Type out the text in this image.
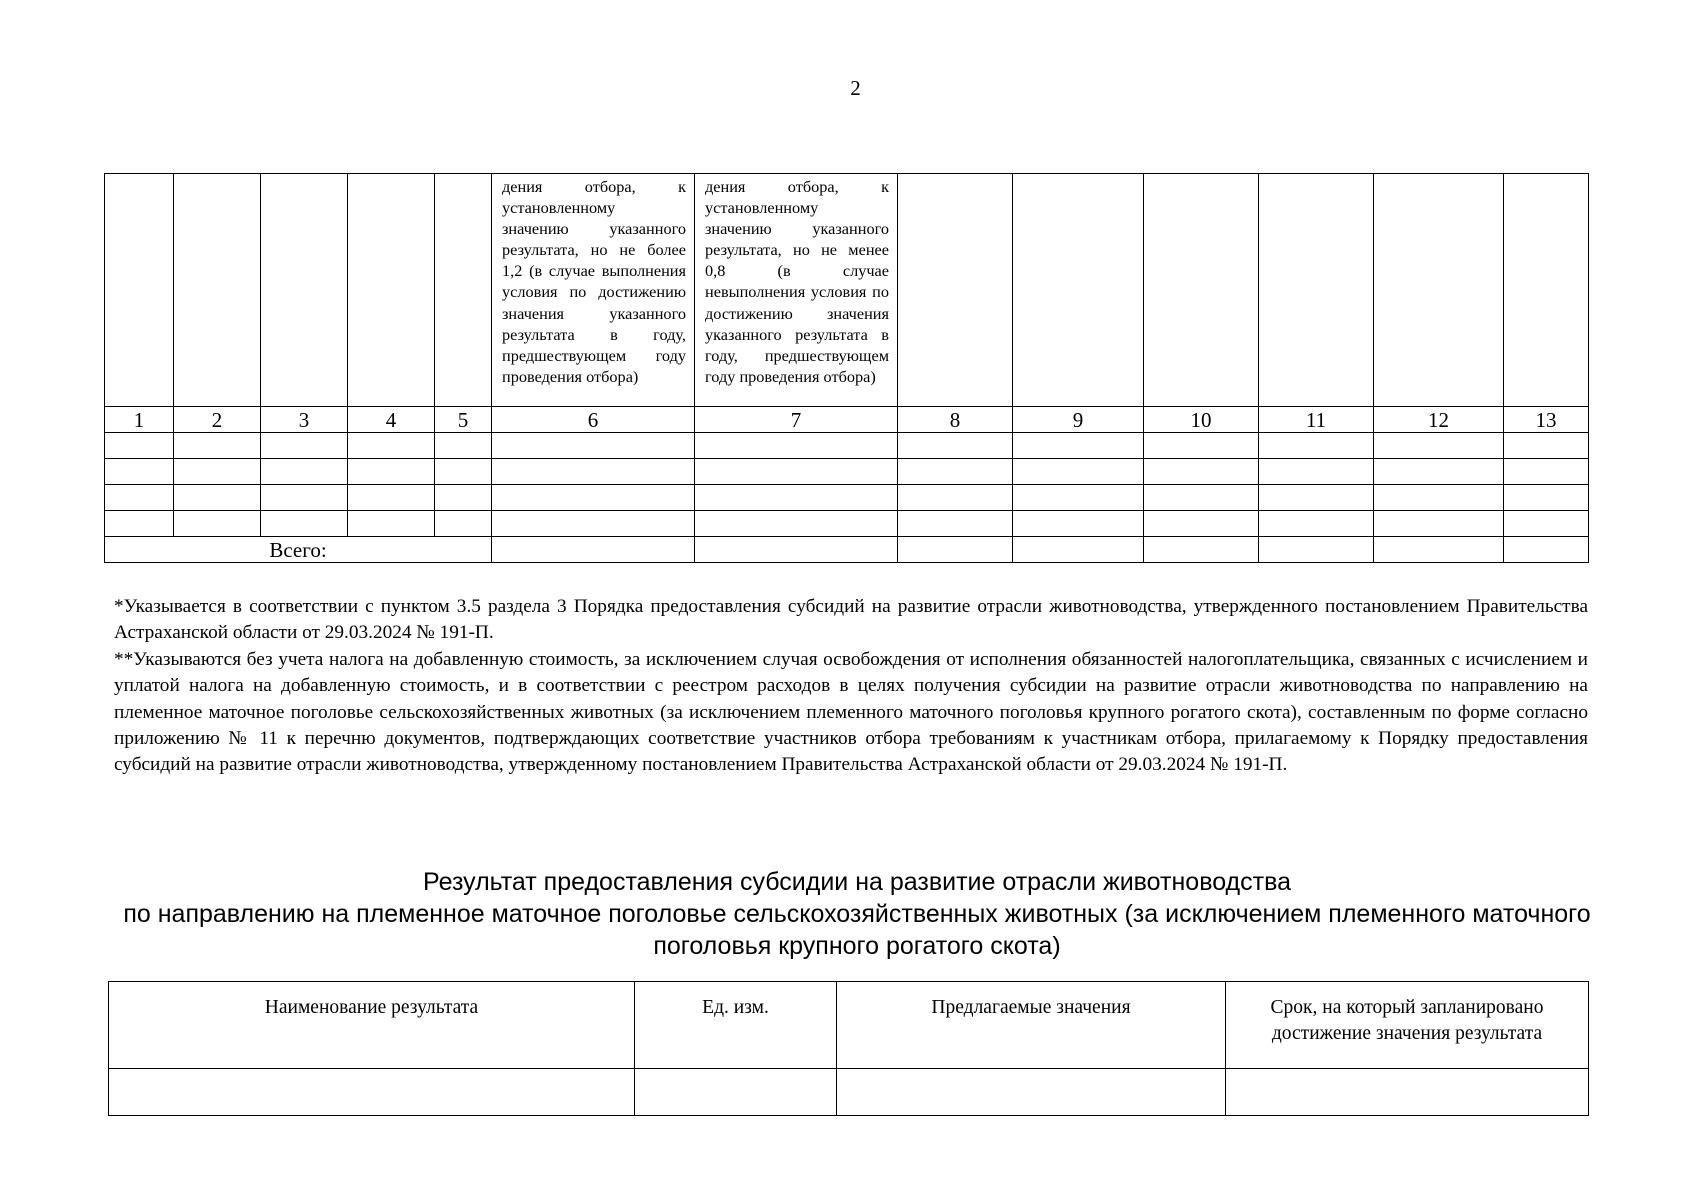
2

					дения отбора, к установленному значению указанного результата, но не более 1,2 (в случае выполнения условия по достижению значения указанного результата в году, предшествующем году проведения отбора)	дения отбора, к установленному значению указанного результата, но не менее 0,8 (в случае невыполнения условия по достижению значения указанного результата в году, предшествующем году проведения отбора)						

1	2	3	4	5	6	7	8	9	10	11	12	13

Всего:												

*Указывается в соответствии с пунктом 3.5 раздела 3 Порядка предоставления субсидий на развитие отрасли животноводства, утвержденного постановлением Правительства Астраханской области от 29.03.2024 № 191-П.

**Указываются без учета налога на добавленную стоимость, за исключением случая освобождения от исполнения обязанностей налогоплательщика, связанных с исчислением и уплатой налога на добавленную стоимость, и в соответствии с реестром расходов в целях получения субсидии на развитие отрасли животноводства по направлению на племенное маточное поголовье сельскохозяйственных животных (за исключением племенного маточного поголовья крупного рогатого скота), составленным по форме согласно приложению № 11 к перечню документов, подтверждающих соответствие участников отбора требованиям к участникам отбора, прилагаемому к Порядку предоставления субсидий на развитие отрасли животноводства, утвержденному постановлением Правительства Астраханской области от 29.03.2024 № 191-П.

Результат предоставления субсидии на развитие отрасли животноводства
по направлению на племенное маточное поголовье сельскохозяйственных животных (за исключением племенного маточного поголовья крупного рогатого скота)
Наименование результата	Ед. изм.	Предлагаемые значения	Срок, на который запланировано достижение значения результата
